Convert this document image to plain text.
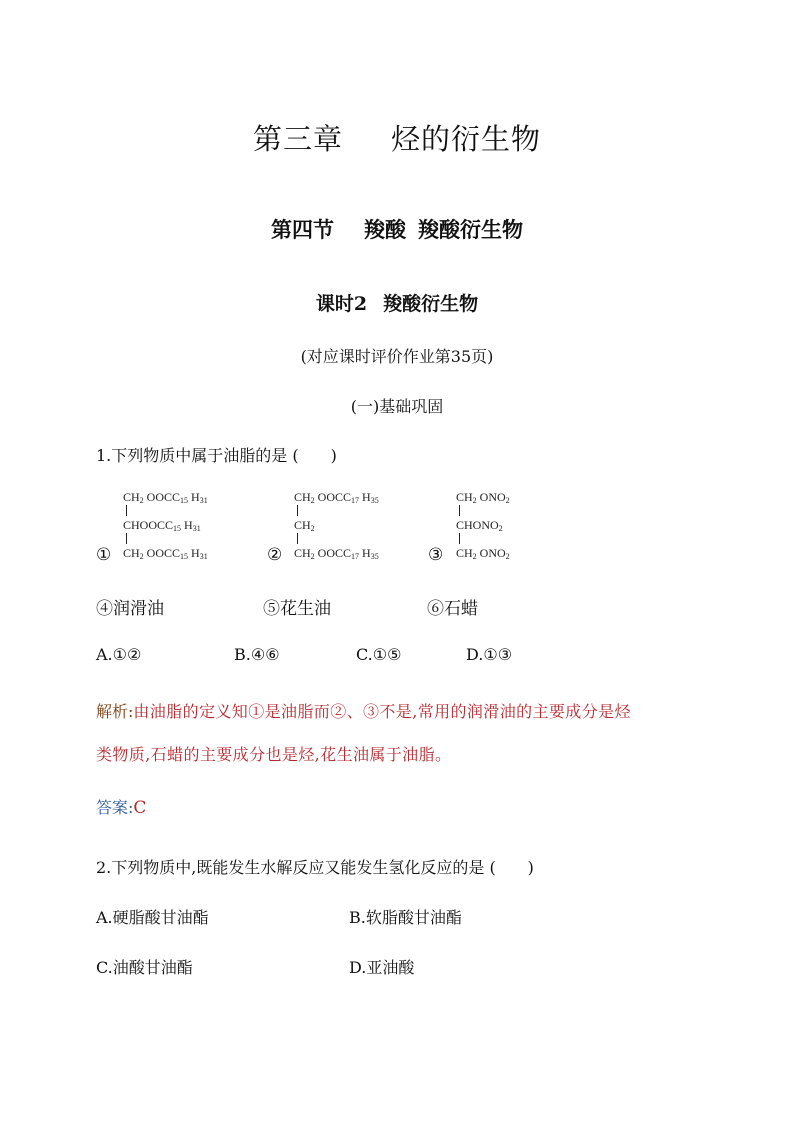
第三章 烃的衍生物
第四节 羧酸 羧酸衍生物
课时2 羧酸衍生物
(对应课时评价作业第35页)
(一)基础巩固
1.下列物质中属于油脂的是 (　　)
①
$CH_2$ $OOCC_{15}$ $H_{31}$
$CHOOCC_{15}$ $H_{31}$
$CH_2$ $OOCC_{15}$ $H_{31}$	②
$CH_2$ $OOCC_{17}$ $H_{35}$
$CH_2$
$CH_2$ $OOCC_{17}$ $H_{35}$	③
$CH_2$ $ONO_2$
$CHONO_2$
$CH_2$ $ONO_2$
④润滑油	⑤花生油	⑥石蜡
A.①②	B.④⑥	C.①⑤	D.①③
解析:由油脂的定义知①是油脂而②、③不是,常用的润滑油的主要成分是烃
类物质,石蜡的主要成分也是烃,花生油属于油脂。
答案:C
2.下列物质中,既能发生水解反应又能发生氢化反应的是 (　　)
A.硬脂酸甘油酯	B.软脂酸甘油酯
C.油酸甘油酯	D.亚油酸
